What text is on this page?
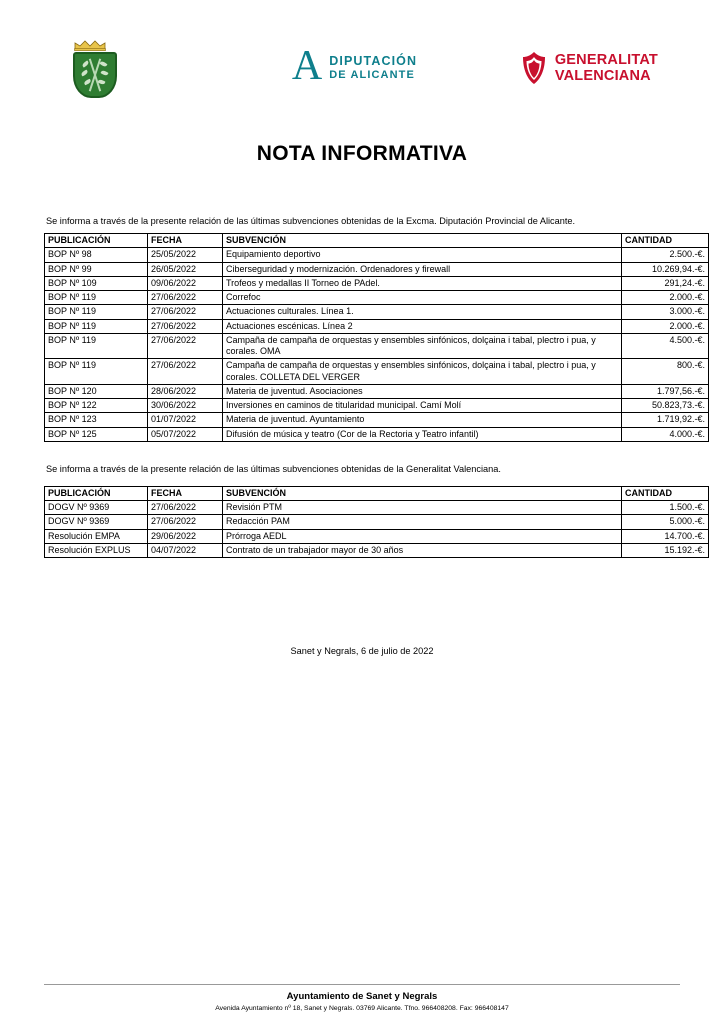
A DIPUTACIÓN
DE ALICANTE
GENERALITAT
VALENCIANA
NOTA INFORMATIVA

Se informa a través de la presente relación de las últimas subvenciones obtenidas de la Excma. Diputación Provincial de Alicante.

PUBLICACIÓN	FECHA	SUBVENCIÓN	CANTIDAD
BOP Nº 98	25/05/2022	Equipamiento deportivo	2.500.-€.
BOP Nº 99	26/05/2022	Ciberseguridad y modernización. Ordenadores y firewall	10.269,94.-€.
BOP Nº 109	09/06/2022	Trofeos y medallas II Torneo de PAdel.	291,24.-€.
BOP Nº 119	27/06/2022	Correfoc	2.000.-€.
BOP Nº 119	27/06/2022	Actuaciones culturales. Línea 1.	3.000.-€.
BOP Nº 119	27/06/2022	Actuaciones escénicas. Línea 2	2.000.-€.
BOP Nº 119	27/06/2022	Campaña de campaña de orquestas y ensembles sinfónicos, dolçaina i tabal, plectro i pua, y corales. OMA	4.500.-€.
BOP Nº 119	27/06/2022	Campaña de campaña de orquestas y ensembles sinfónicos, dolçaina i tabal, plectro i pua, y corales. COLLETA DEL VERGER	800.-€.
BOP Nº 120	28/06/2022	Materia de juventud. Asociaciones	1.797,56.-€.
BOP Nº 122	30/06/2022	Inversiones en caminos de titularidad municipal. Camí Molí	50.823,73.-€.
BOP Nº 123	01/07/2022	Materia de juventud. Ayuntamiento	1.719,92.-€.
BOP Nº 125	05/07/2022	Difusión de música y teatro (Cor de la Rectoria y Teatro infantil)	4.000.-€.

Se informa a través de la presente relación de las últimas subvenciones obtenidas de la Generalitat Valenciana.

PUBLICACIÓN	FECHA	SUBVENCIÓN	CANTIDAD
DOGV Nº 9369	27/06/2022	Revisión PTM	1.500.-€.
DOGV Nº 9369	27/06/2022	Redacción PAM	5.000.-€.
Resolución EMPA	29/06/2022	Prórroga AEDL	14.700.-€.
Resolución EXPLUS	04/07/2022	Contrato de un trabajador mayor de 30 años	15.192.-€.
Sanet y Negrals, 6 de julio de 2022
Ayuntamiento de Sanet y Negrals
Avenida Ayuntamiento nº 18, Sanet y Negrals. 03769 Alicante. Tfno. 966408208. Fax: 966408147
